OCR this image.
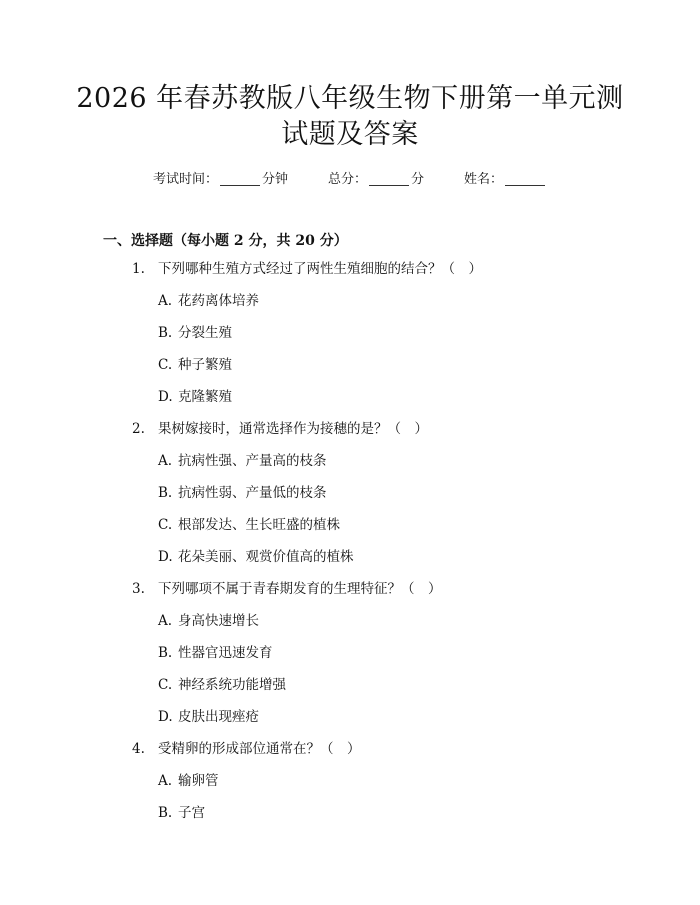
2026 年春苏教版八年级生物下册第一单元测
试题及答案
考试时间：	分钟	总分：	分	姓名：
一、选择题（每小题 2 分，共 20 分）
1. 下列哪种生殖方式经过了两性生殖细胞的结合？（　）
A. 花药离体培养
B. 分裂生殖
C. 种子繁殖
D. 克隆繁殖
2. 果树嫁接时，通常选择作为接穗的是？（　）
A. 抗病性强、产量高的枝条
B. 抗病性弱、产量低的枝条
C. 根部发达、生长旺盛的植株
D. 花朵美丽、观赏价值高的植株
3. 下列哪项不属于青春期发育的生理特征？（　）
A. 身高快速增长
B. 性器官迅速发育
C. 神经系统功能增强
D. 皮肤出现痤疮
4. 受精卵的形成部位通常在？（　）
A. 输卵管
B. 子宫
